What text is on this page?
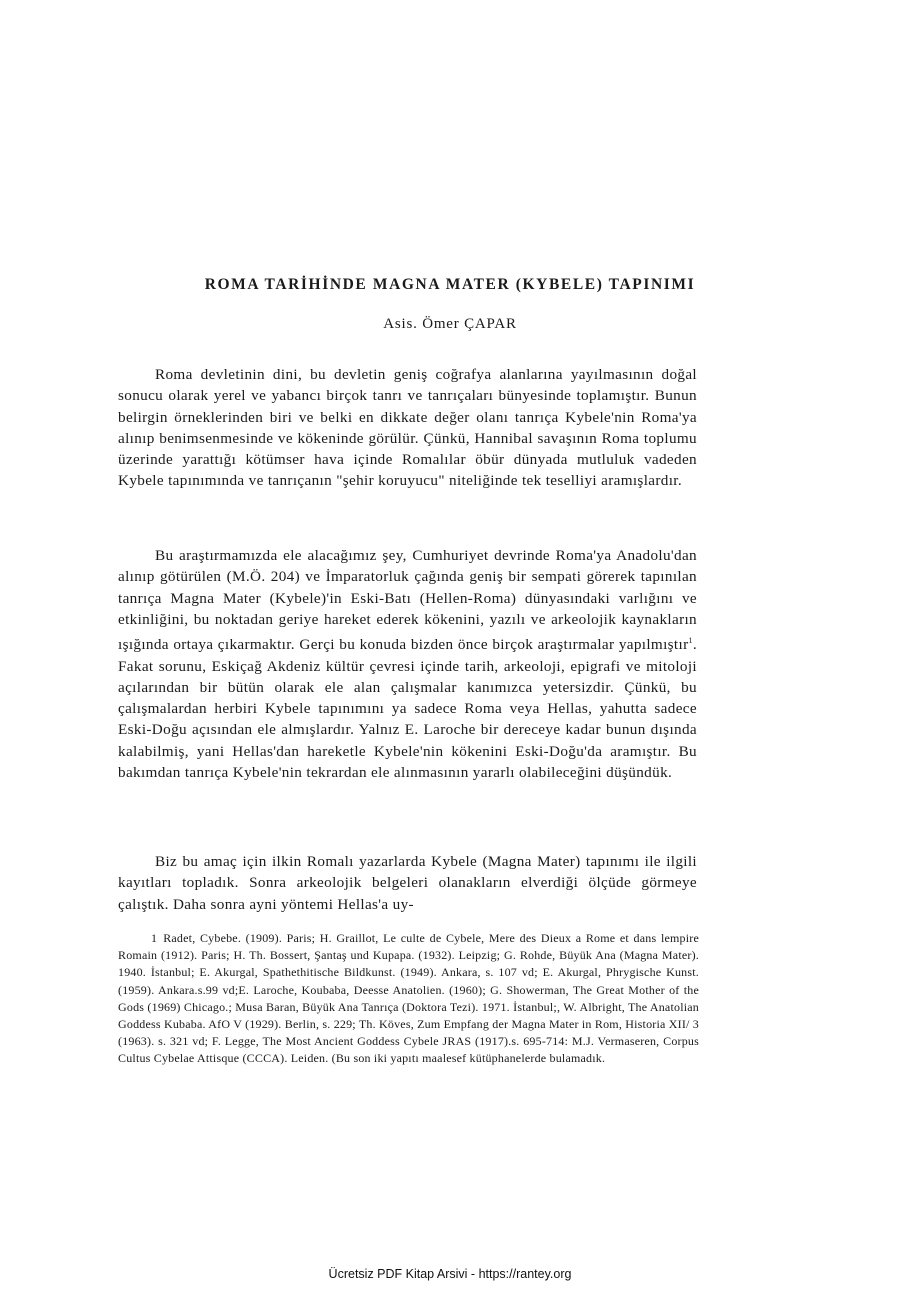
ROMA TARİHİNDE MAGNA MATER (KYBELE) TAPINIMI
Asis. Ömer ÇAPAR

Roma devletinin dini, bu devletin geniş coğrafya alanlarına yayılmasının doğal sonucu olarak yerel ve yabancı birçok tanrı ve tanrıçaları bünyesinde toplamıştır. Bunun belirgin örneklerinden biri ve belki en dikkate değer olanı tanrıça Kybele'nin Roma'ya alınıp benimsenmesinde ve kökeninde görülür. Çünkü, Hannibal savaşının Roma toplumu üzerinde yarattığı kötümser hava içinde Romalılar öbür dünyada mutluluk vadeden Kybele tapınımında ve tanrıçanın "şehir koruyucu" niteliğinde tek teselliyi aramışlardır.

Bu araştırmamızda ele alacağımız şey, Cumhuriyet devrinde Roma'ya Anadolu'dan alınıp götürülen (M.Ö. 204) ve İmparatorluk çağında geniş bir sempati görerek tapınılan tanrıça Magna Mater (Kybele)'in Eski-Batı (Hellen-Roma) dünyasındaki varlığını ve etkinliğini, bu noktadan geriye hareket ederek kökenini, yazılı ve arkeolojik kaynakların ışığında ortaya çıkarmaktır. Gerçi bu konuda bizden önce birçok araştırmalar yapılmıştır$^1$. Fakat sorunu, Eskiçağ Akdeniz kültür çevresi içinde tarih, arkeoloji, epigrafi ve mitoloji açılarından bir bütün olarak ele alan çalışmalar kanımızca yetersizdir. Çünkü, bu çalışmalardan herbiri Kybele tapınımını ya sadece Roma veya Hellas, yahutta sadece Eski-Doğu açısından ele almışlardır. Yalnız E. Laroche bir dereceye kadar bunun dışında kalabilmiş, yani Hellas'dan hareketle Kybele'nin kökenini Eski-Doğu'da aramıştır. Bu bakımdan tanrıça Kybele'nin tekrardan ele alınmasının yararlı olabileceğini düşündük.

Biz bu amaç için ilkin Romalı yazarlarda Kybele (Magna Mater) tapınımı ile ilgili kayıtları topladık. Sonra arkeolojik belgeleri olanakların elverdiği ölçüde görmeye çalıştık. Daha sonra ayni yöntemi Hellas'a uy-

1 Radet, Cybebe. (1909). Paris; H. Graillot, Le culte de Cybele, Mere des Dieux a Rome et dans lempire Romain (1912). Paris; H. Th. Bossert, Şantaş und Kupapa. (1932). Leipzig; G. Rohde, Büyük Ana (Magna Mater). 1940. İstanbul; E. Akurgal, Spathethitische Bildkunst. (1949). Ankara, s. 107 vd; E. Akurgal, Phrygische Kunst. (1959). Ankara.s.99 vd;E. Laroche, Koubaba, Deesse Anatolien. (1960); G. Showerman, The Great Mother of the Gods (1969) Chicago.; Musa Baran, Büyük Ana Tanrıça (Doktora Tezi). 1971. İstanbul;, W. Albright, The Anatolian Goddess Kubaba. AfO V (1929). Berlin, s. 229; Th. Köves, Zum Empfang der Magna Mater in Rom, Historia XII/ 3 (1963). s. 321 vd; F. Legge, The Most Ancient Goddess Cybele JRAS (1917).s. 695-714: M.J. Vermaseren, Corpus Cultus Cybelae Attisque (CCCA). Leiden. (Bu son iki yapıtı maalesef kütüphanelerde bulamadık.

Ücretsiz PDF Kitap Arsivi - https://rantey.org
